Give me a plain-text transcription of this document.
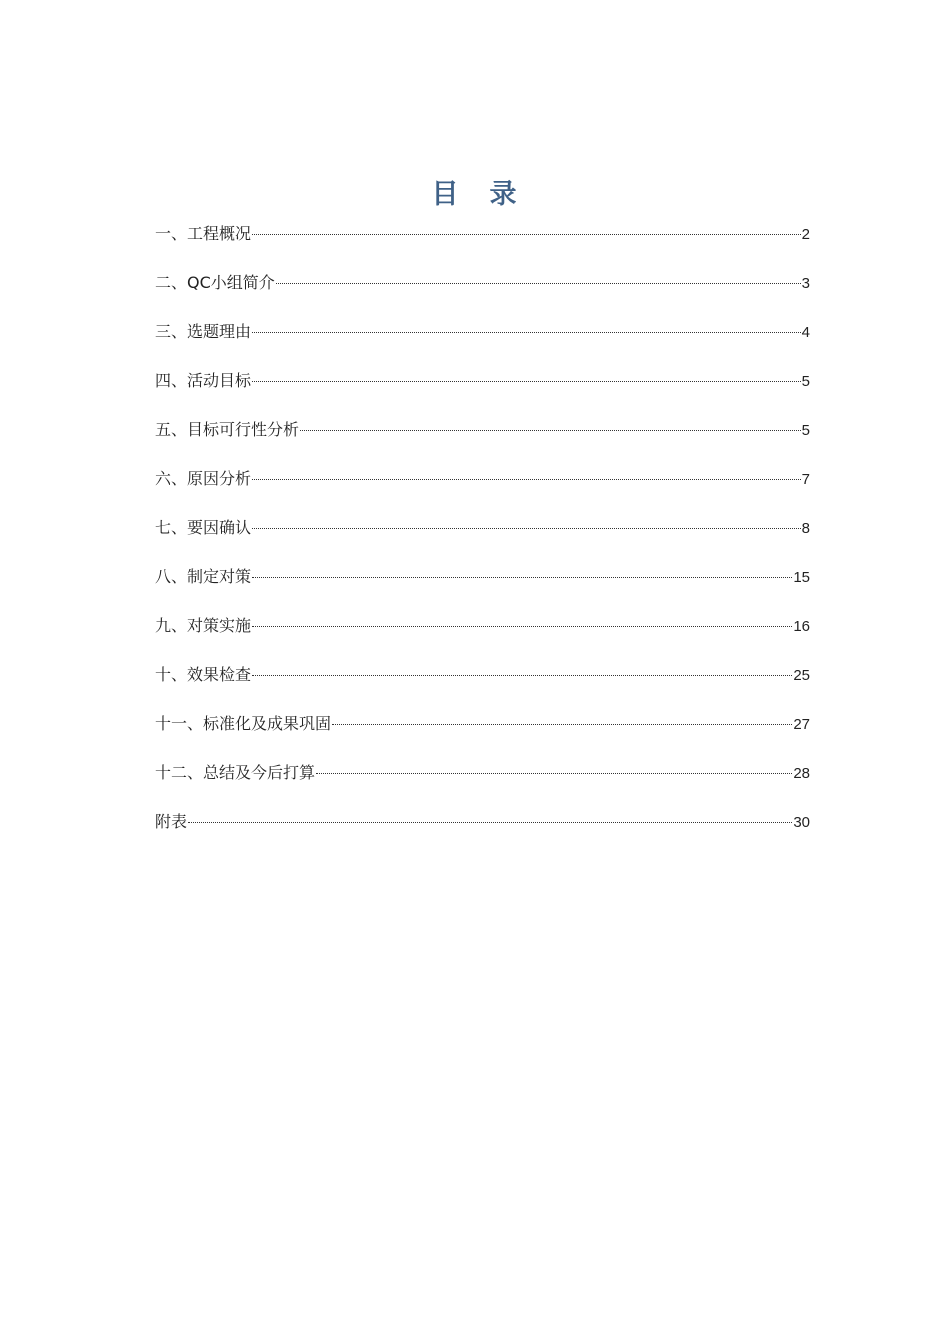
目　录
一、工程概况	2
二、QC小组简介	3
三、选题理由	4
四、活动目标	5
五、目标可行性分析	5
六、原因分析	7
七、要因确认	8
八、制定对策	15
九、对策实施	16
十、效果检查	25
十一、标准化及成果巩固	27
十二、总结及今后打算	28
附表	30
